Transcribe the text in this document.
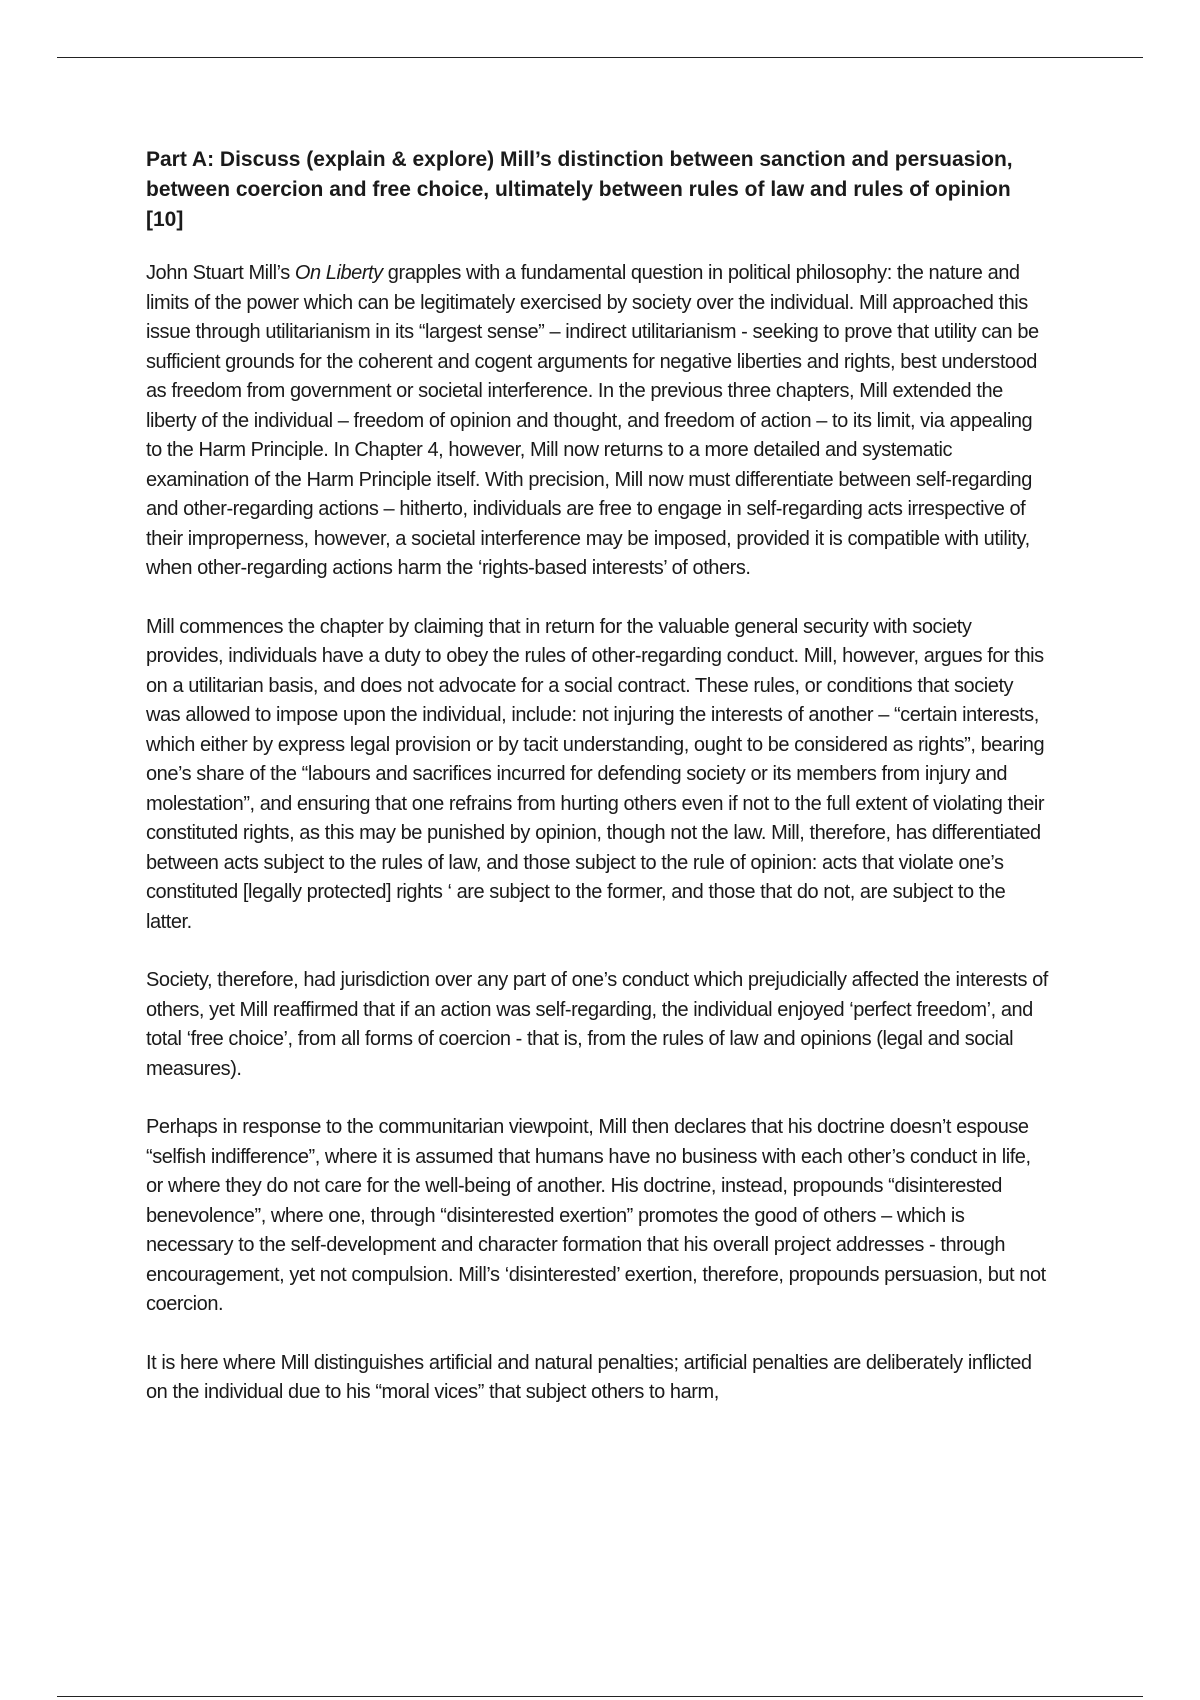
Part A: Discuss (explain & explore) Mill’s distinction between sanction and persuasion, between coercion and free choice, ultimately between rules of law and rules of opinion [10]

John Stuart Mill’s On Liberty grapples with a fundamental question in political philosophy: the nature and limits of the power which can be legitimately exercised by society over the individual. Mill approached this issue through utilitarianism in its “largest sense” – indirect utilitarianism - seeking to prove that utility can be sufficient grounds for the coherent and cogent arguments for negative liberties and rights, best understood as freedom from government or societal interference. In the previous three chapters, Mill extended the liberty of the individual – freedom of opinion and thought, and freedom of action – to its limit, via appealing to the Harm Principle. In Chapter 4, however, Mill now returns to a more detailed and systematic examination of the Harm Principle itself. With precision, Mill now must differentiate between self-regarding and other-regarding actions – hitherto, individuals are free to engage in self-regarding acts irrespective of their improperness, however, a societal interference may be imposed, provided it is compatible with utility, when other-regarding actions harm the ‘rights-based interests’ of others.

Mill commences the chapter by claiming that in return for the valuable general security with society provides, individuals have a duty to obey the rules of other-regarding conduct. Mill, however, argues for this on a utilitarian basis, and does not advocate for a social contract. These rules, or conditions that society was allowed to impose upon the individual, include: not injuring the interests of another – “certain interests, which either by express legal provision or by tacit understanding, ought to be considered as rights”, bearing one’s share of the “labours and sacrifices incurred for defending society or its members from injury and molestation”, and ensuring that one refrains from hurting others even if not to the full extent of violating their constituted rights, as this may be punished by opinion, though not the law. Mill, therefore, has differentiated between acts subject to the rules of law, and those subject to the rule of opinion: acts that violate one’s constituted [legally protected] rights ‘ are subject to the former, and those that do not, are subject to the latter.

Society, therefore, had jurisdiction over any part of one’s conduct which prejudicially affected the interests of others, yet Mill reaffirmed that if an action was self-regarding, the individual enjoyed ‘perfect freedom’, and total ‘free choice’, from all forms of coercion - that is, from the rules of law and opinions (legal and social measures).

Perhaps in response to the communitarian viewpoint, Mill then declares that his doctrine doesn’t espouse “selfish indifference”, where it is assumed that humans have no business with each other’s conduct in life, or where they do not care for the well-being of another. His doctrine, instead, propounds “disinterested benevolence”, where one, through “disinterested exertion” promotes the good of others – which is necessary to the self-development and character formation that his overall project addresses - through encouragement, yet not compulsion. Mill’s ‘disinterested’ exertion, therefore, propounds persuasion, but not coercion.

It is here where Mill distinguishes artificial and natural penalties; artificial penalties are deliberately inflicted on the individual due to his “moral vices” that subject others to harm,
